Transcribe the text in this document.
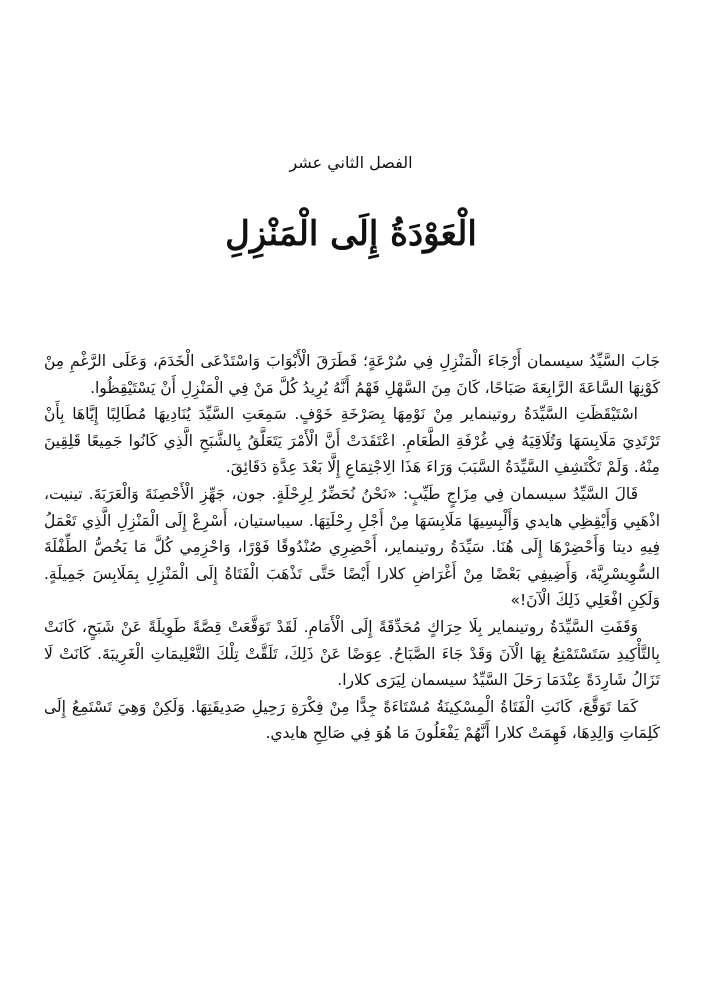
الفصل الثاني عشر
الْعَوْدَةُ إِلَى الْمَنْزِلِ

جَابَ السَّيِّدُ سيسمان أَرْجَاءَ الْمَنْزِلِ فِي سُرْعَةٍ؛ فَطَرَقَ الْأَبْوَابَ وَاسْتَدْعَى الْخَدَمَ، وَعَلَى الرَّغْمِ مِنْ كَوْنِهَا السَّاعَةَ الرَّابِعَةَ صَبَاحًا، كَانَ مِنَ السَّهْلِ فَهْمُ أَنَّهُ يُرِيدُ كُلَّ مَنْ فِي الْمَنْزِلِ أَنْ يَسْتَيْقِظُوا.

اسْتَيْقَظَتِ السَّيِّدَةُ روتينماير مِنْ نَوْمِهَا بِصَرْخَةِ خَوْفٍ. سَمِعَتِ السَّيِّدَ يُنَادِيهَا مُطَالِبًا إِيَّاهَا بِأَنْ تَرْتَدِيَ مَلَابِسَهَا وَتُلَاقِيَهُ فِي غُرْفَةِ الطَّعَامِ. اعْتَقَدَتْ أَنَّ الْأَمْرَ يَتَعَلَّقُ بِالشَّبَحِ الَّذِي كَانُوا جَمِيعًا قَلِقِينَ مِنْهُ. وَلَمْ تَكْتَشِفِ السَّيِّدَةُ السَّبَبَ وَرَاءَ هَذَا الِاجْتِمَاعِ إِلَّا بَعْدَ عِدَّةِ دَقَائِقَ.

قَالَ السَّيِّدُ سيسمان فِي مِزَاجٍ طَيِّبٍ: «نَحْنُ نُحَضِّرُ لِرِحْلَةٍ. جون، جَهِّزِ الْأَحْصِنَةَ وَالْعَرَبَةَ. تينيت، اذْهَبِي وَأَيْقِظِي هايدي وَأَلْبِسِيهَا مَلَابِسَهَا مِنْ أَجْلِ رِحْلَتِهَا. سيباستيان، أَسْرِعْ إِلَى الْمَنْزِلِ الَّذِي تَعْمَلُ فِيهِ ديتا وَأَحْضِرْهَا إِلَى هُنَا. سَيِّدَةُ روتينماير، أَحْضِرِي صُنْدُوقًا فَوْرًا، وَاحْزِمِي كُلَّ مَا يَخُصُّ الطِّفْلَةَ السُّوِيسْرِيَّةَ، وَأَضِيفِي بَعْضًا مِنْ أَغْرَاضِ كلارا أَيْضًا حَتَّى تَذْهَبَ الْفَتَاةُ إِلَى الْمَنْزِلِ بِمَلَابِسَ جَمِيلَةٍ. وَلَكِنِ افْعَلِي ذَلِكَ الْآنَ!»

وَقَفَتِ السَّيِّدَةُ روتينماير بِلَا حِرَاكٍ مُحَدِّقَةً إِلَى الْأَمَامِ. لَقَدْ تَوَقَّعَتْ قِصَّةً طَوِيلَةً عَنْ شَبَحٍ، كَانَتْ بِالتَّأْكِيدِ سَتَسْتَمْتِعُ بِهَا الْآنَ وَقَدْ جَاءَ الصَّبَاحُ. عِوَضًا عَنْ ذَلِكَ، تَلَقَّتْ تِلْكَ التَّعْلِيمَاتِ الْغَرِيبَةَ. كَانَتْ لَا تَزَالُ شَارِدَةً عِنْدَمَا رَحَلَ السَّيِّدُ سيسمان لِيَرَى كلارا.

كَمَا تَوَقَّعَ، كَانَتِ الْفَتَاةُ الْمِسْكِينَةُ مُسْتَاءَةً جِدًّا مِنْ فِكْرَةِ رَحِيلِ صَدِيقَتِهَا. وَلَكِنْ وَهِيَ تَسْتَمِعُ إِلَى كَلِمَاتِ وَالِدِهَا، فَهِمَتْ كلارا أَنَّهُمْ يَفْعَلُونَ مَا هُوَ فِي صَالِحِ هايدي.
